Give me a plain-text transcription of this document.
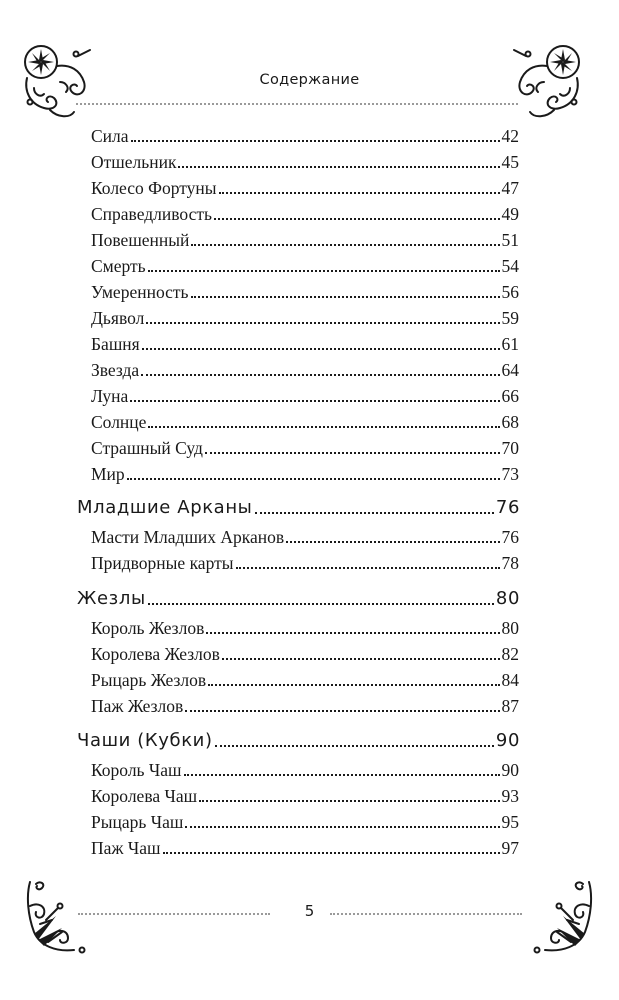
Содержание
Сила	42
Отшельник	45
Колесо Фортуны	47
Справедливость	49
Повешенный	51
Смерть	54
Умеренность	56
Дьявол	59
Башня	61
Звезда	64
Луна	66
Солнце	68
Страшный Суд	70
Мир	73
Младшие Арканы	76
Масти Младших Арканов	76
Придворные карты	78
Жезлы	80
Король Жезлов	80
Королева Жезлов	82
Рыцарь Жезлов	84
Паж Жезлов	87
Чаши (Кубки)	90
Король Чаш	90
Королева Чаш	93
Рыцарь Чаш	95
Паж Чаш	97
5
